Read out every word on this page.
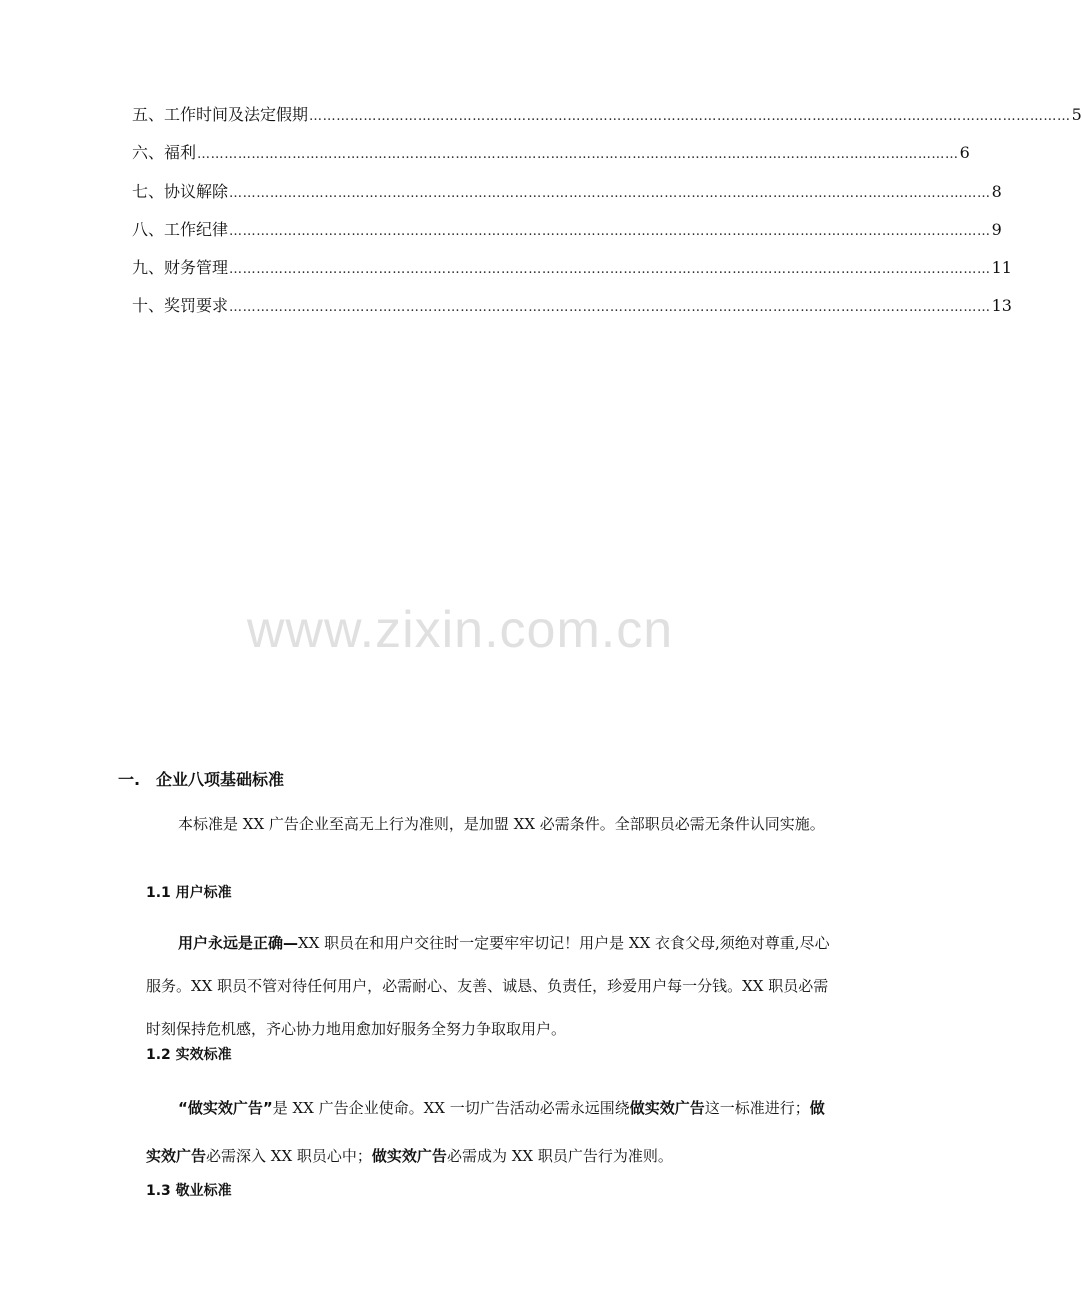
五、工作时间及法定假期 …………………………………………………………………………………………………………………………………………………… 5
六、福利 …………………………………………………………………………………………………………………………………………………… 6
七、协议解除 …………………………………………………………………………………………………………………………………………………… 8
八、工作纪律 …………………………………………………………………………………………………………………………………………………… 9
九、财务管理 …………………………………………………………………………………………………………………………………………………… 11
十、奖罚要求 …………………………………………………………………………………………………………………………………………………… 13
www.zixin.com.cn
一. 企业八项基础标准

本标准是 XX 广告企业至高无上行为准则，是加盟 XX 必需条件。全部职员必需无条件认同实施。

1.1 用户标准

用户永远是正确—XX 职员在和用户交往时一定要牢牢切记！用户是 XX 衣食父母,须绝对尊重,尽心服务。XX 职员不管对待任何用户，必需耐心、友善、诚恳、负责任，珍爱用户每一分钱。XX 职员必需时刻保持危机感，齐心协力地用愈加好服务全努力争取取用户。

1.2 实效标准

“做实效广告”是 XX 广告企业使命。XX 一切广告活动必需永远围绕做实效广告这一标准进行；做实效广告必需深入 XX 职员心中；做实效广告必需成为 XX 职员广告行为准则。

1.3 敬业标准
